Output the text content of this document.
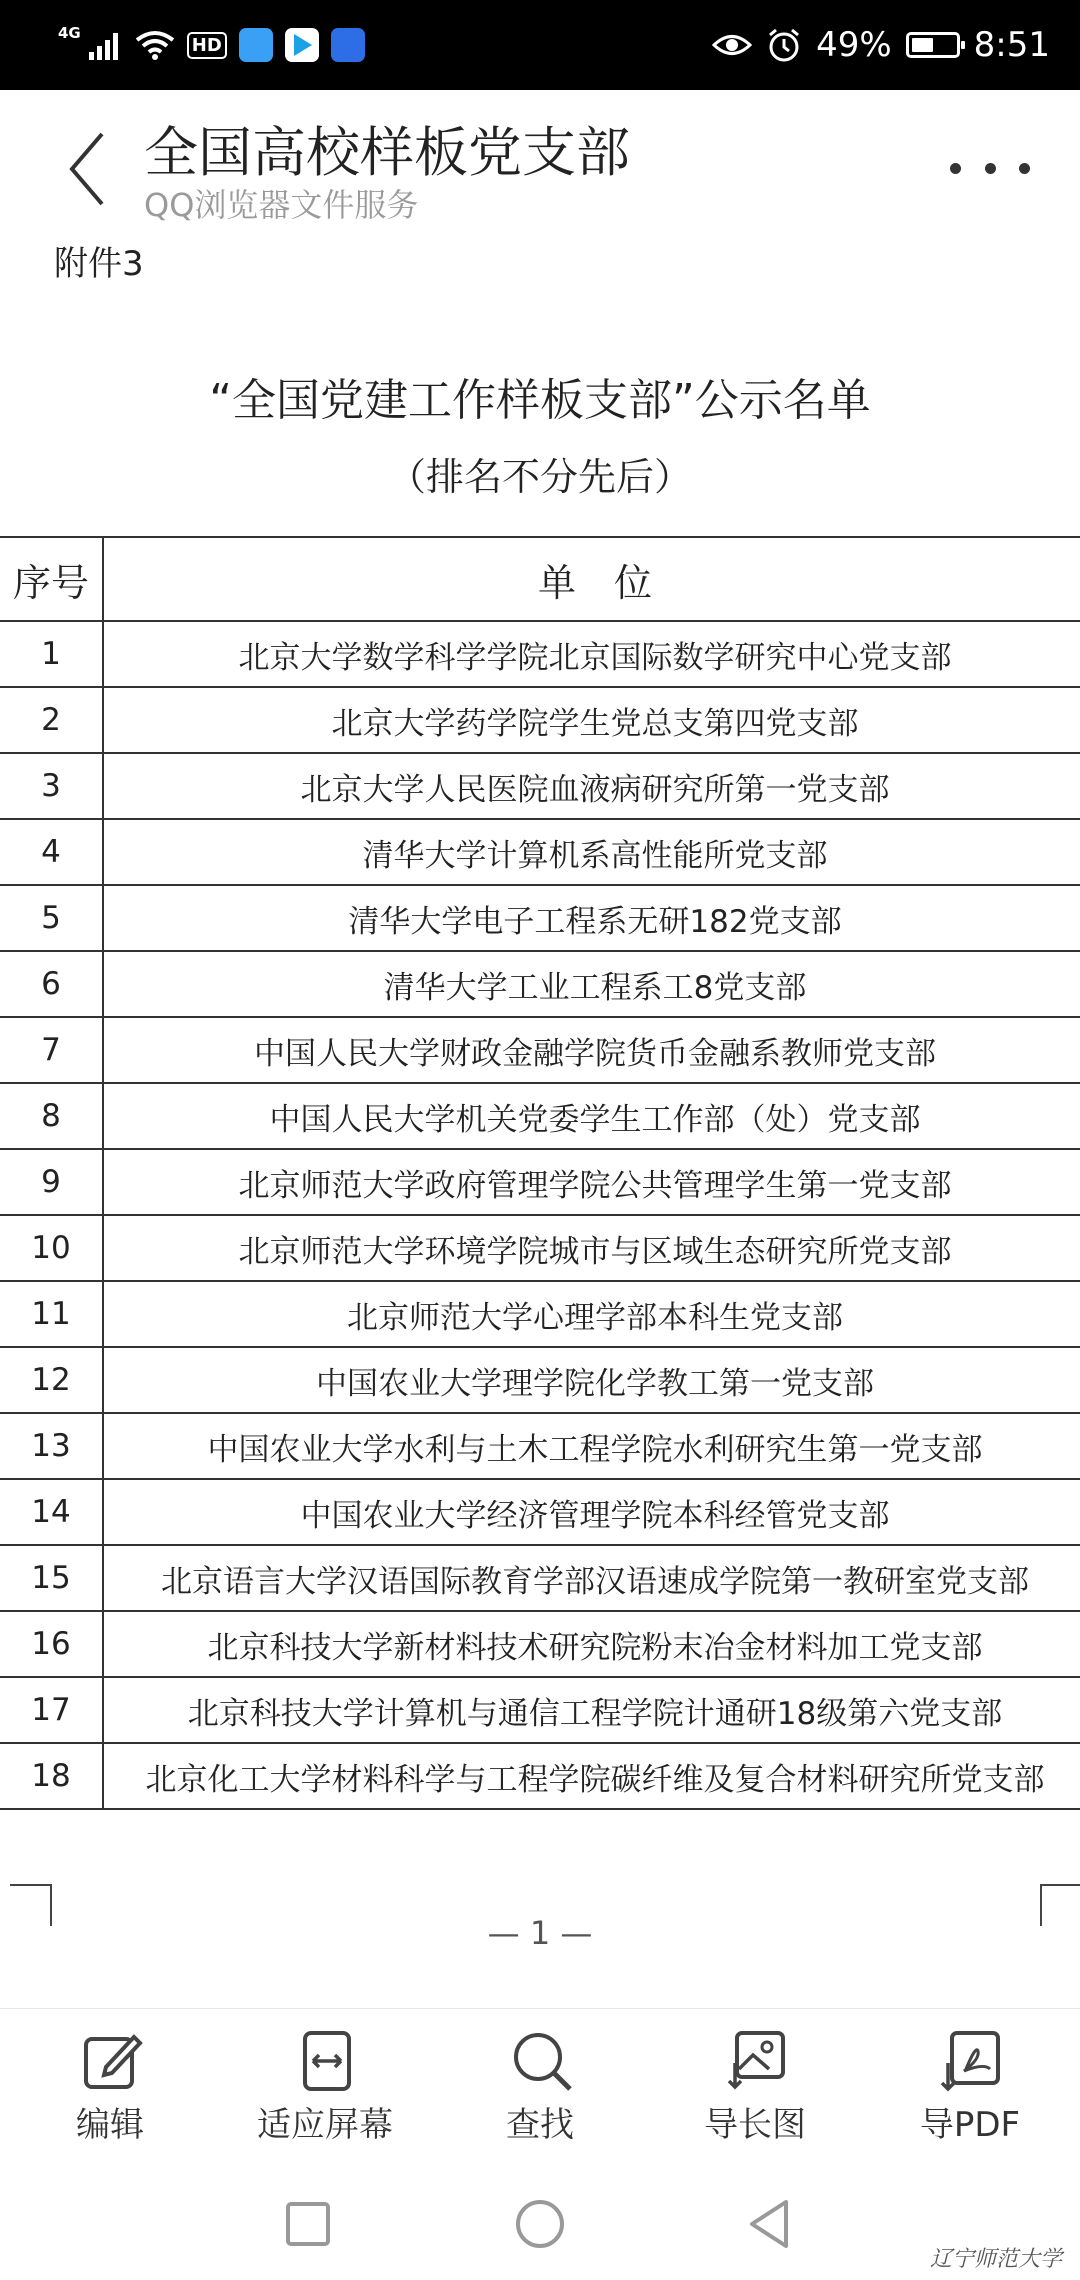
4G
HD	49% 8:51
全国高校样板党支部
QQ浏览器文件服务
附件3
“全国党建工作样板支部”公示名单
（排名不分先后）
序号	单　位
1	北京大学数学科学学院北京国际数学研究中心党支部
2	北京大学药学院学生党总支第四党支部
3	北京大学人民医院血液病研究所第一党支部
4	清华大学计算机系高性能所党支部
5	清华大学电子工程系无研182党支部
6	清华大学工业工程系工8党支部
7	中国人民大学财政金融学院货币金融系教师党支部
8	中国人民大学机关党委学生工作部（处）党支部
9	北京师范大学政府管理学院公共管理学生第一党支部
10	北京师范大学环境学院城市与区域生态研究所党支部
11	北京师范大学心理学部本科生党支部
12	中国农业大学理学院化学教工第一党支部
13	中国农业大学水利与土木工程学院水利研究生第一党支部
14	中国农业大学经济管理学院本科经管党支部
15	北京语言大学汉语国际教育学部汉语速成学院第一教研室党支部
16	北京科技大学新材料技术研究院粉末冶金材料加工党支部
17	北京科技大学计算机与通信工程学院计通研18级第六党支部
18	北京化工大学材料科学与工程学院碳纤维及复合材料研究所党支部
— 1 —
编辑	适应屏幕	查找	导长图	导PDF
辽宁师范大学
